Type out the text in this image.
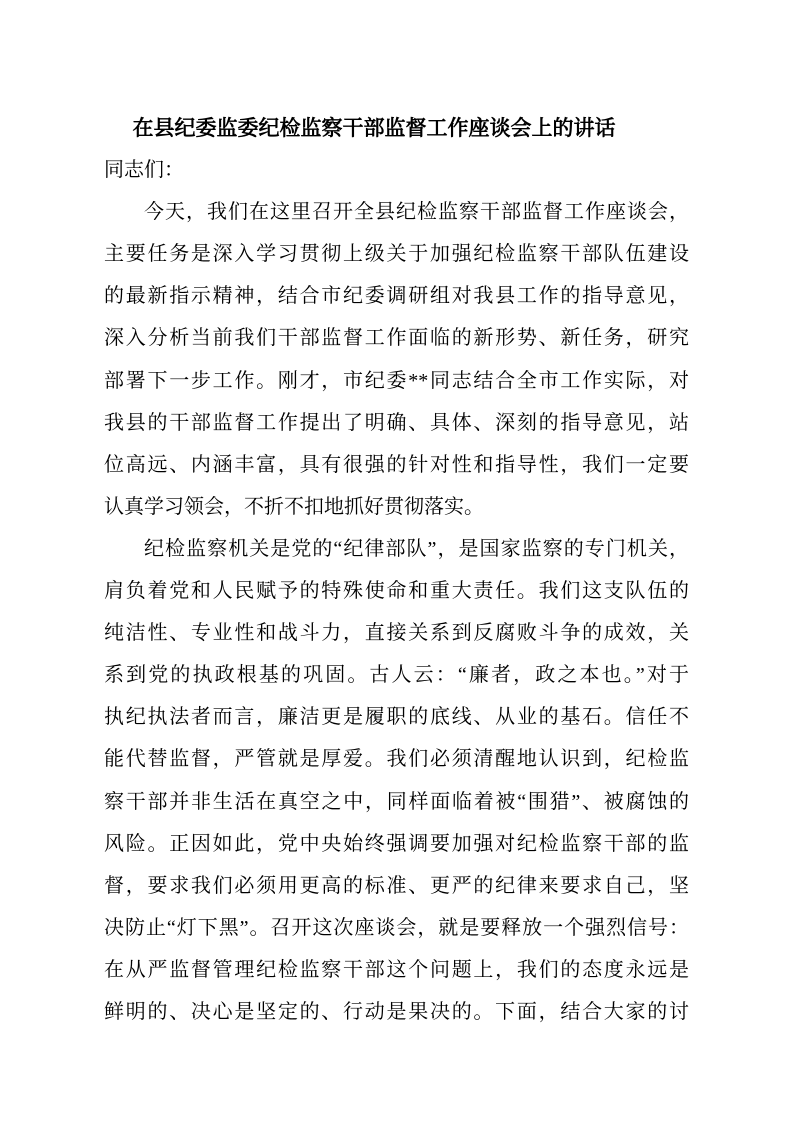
在县纪委监委纪检监察干部监督工作座谈会上的讲话
同志们：
今天，我们在这里召开全县纪检监察干部监督工作座谈会，
主要任务是深入学习贯彻上级关于加强纪检监察干部队伍建设
的最新指示精神，结合市纪委调研组对我县工作的指导意见，
深入分析当前我们干部监督工作面临的新形势、新任务，研究
部署下一步工作。刚才，市纪委**同志结合全市工作实际，对
我县的干部监督工作提出了明确、具体、深刻的指导意见，站
位高远、内涵丰富，具有很强的针对性和指导性，我们一定要
认真学习领会，不折不扣地抓好贯彻落实。
纪检监察机关是党的“纪律部队”，是国家监察的专门机关，
肩负着党和人民赋予的特殊使命和重大责任。我们这支队伍的
纯洁性、专业性和战斗力，直接关系到反腐败斗争的成效，关
系到党的执政根基的巩固。古人云：“廉者，政之本也。”对于
执纪执法者而言，廉洁更是履职的底线、从业的基石。信任不
能代替监督，严管就是厚爱。我们必须清醒地认识到，纪检监
察干部并非生活在真空之中，同样面临着被“围猎”、被腐蚀的
风险。正因如此，党中央始终强调要加强对纪检监察干部的监
督，要求我们必须用更高的标准、更严的纪律来要求自己，坚
决防止“灯下黑”。召开这次座谈会，就是要释放一个强烈信号：
在从严监督管理纪检监察干部这个问题上，我们的态度永远是
鲜明的、决心是坚定的、行动是果决的。下面，结合大家的讨
